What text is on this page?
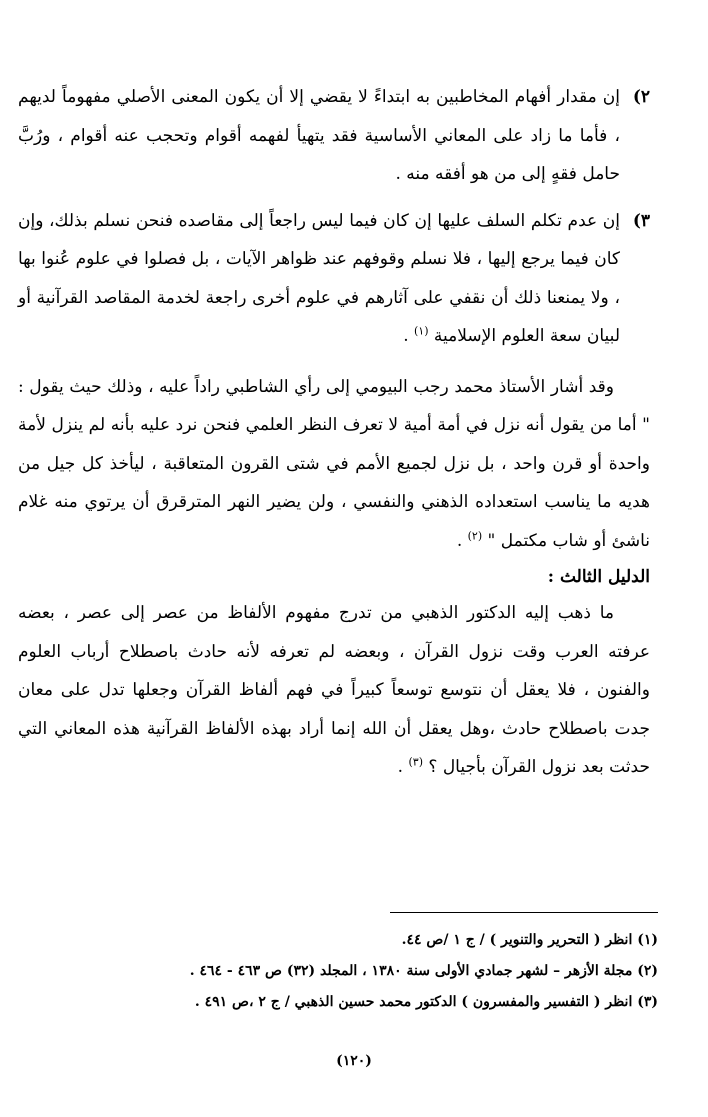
٢)
إن مقدار أفهام المخاطبين به ابتداءً لا يقضي إلا أن يكون المعنى الأصلي مفهوماً لديهم ، فأما ما زاد على المعاني الأساسية فقد يتهيأ لفهمه أقوام وتحجب عنه أقوام ، ورُبَّ حامل فقهٍ إلى من هو أفقه منه .
٣)
إن عدم تكلم السلف عليها إن كان فيما ليس راجعاً إلى مقاصده فنحن نسلم بذلك، وإن كان فيما يرجع إليها ، فلا نسلم وقوفهم عند ظواهر الآيات ، بل فصلوا في علوم عُنوا بها ، ولا يمنعنا ذلك أن نقفي على آثارهم في علوم أخرى راجعة لخدمة المقاصد القرآنية أو لبيان سعة العلوم الإسلامية $^{(١)}$ .
وقد أشار الأستاذ محمد رجب البيومي إلى رأي الشاطبي راداً عليه ، وذلك حيث يقول : " أما من يقول أنه نزل في أمة أمية لا تعرف النظر العلمي فنحن نرد عليه بأنه لم ينزل لأمة واحدة أو قرن واحد ، بل نزل لجميع الأمم في شتى القرون المتعاقبة ، ليأخذ كل جيل من هديه ما يناسب استعداده الذهني والنفسي ، ولن يضير النهر المترقرق أن يرتوي منه غلام ناشئ أو شاب مكتمل " $^{(٢)}$ .
الدليل الثالث :
ما ذهب إليه الدكتور الذهبي من تدرج مفهوم الألفاظ من عصر إلى عصر ، بعضه عرفته العرب وقت نزول القرآن ، وبعضه لم تعرفه لأنه حادث باصطلاح أرباب العلوم والفنون ، فلا يعقل أن نتوسع توسعاً كبيراً في فهم ألفاظ القرآن وجعلها تدل على معان جدت باصطلاح حادث ،وهل يعقل أن الله إنما أراد بهذه الألفاظ القرآنية هذه المعاني التي حدثت بعد نزول القرآن بأجيال ؟ $^{(٣)}$ .

(١) انظر ( التحرير والتنوير ) / ج ١ /ص ٤٤.

(٢) مجلة الأزهر – لشهر جمادي الأولى سنة ١٣٨٠ ، المجلد (٣٢) ص ٤٦٣ - ٤٦٤ .

(٣) انظر ( التفسير والمفسرون ) الدكتور محمد حسين الذهبي / ج ٢ ،ص ٤٩١ .

(١٢٠)
